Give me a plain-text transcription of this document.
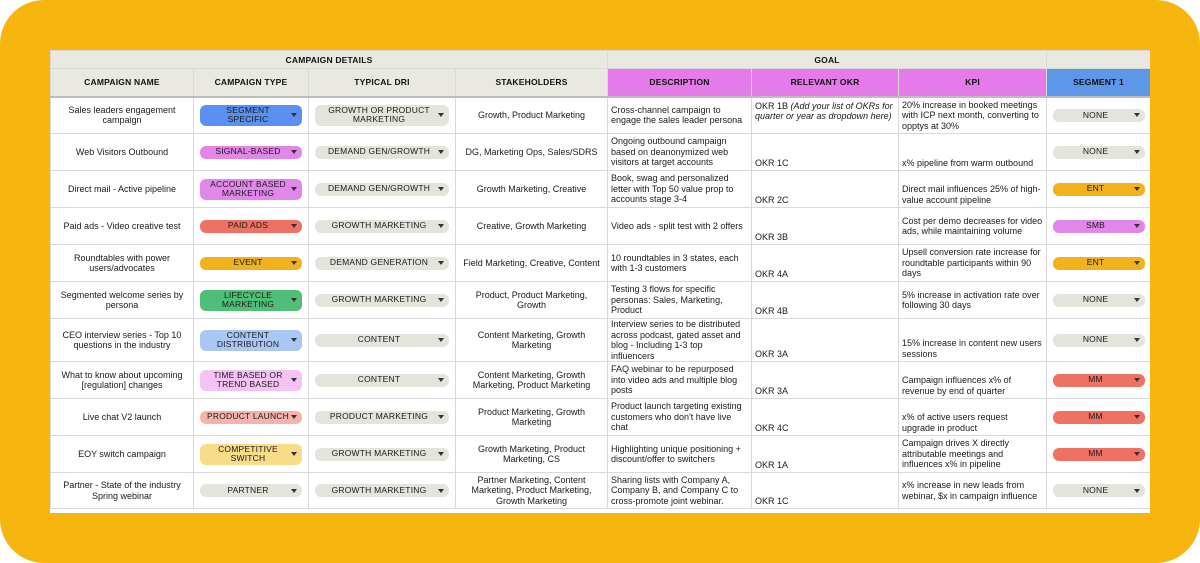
CAMPAIGN DETAILS				GOAL			
CAMPAIGN NAME	CAMPAIGN TYPE	TYPICAL DRI	STAKEHOLDERS	DESCRIPTION	RELEVANT OKR	KPI	SEGMENT 1
Sales leaders engagement campaign	SEGMENT SPECIFIC	GROWTH OR PRODUCT MARKETING	Growth, Product Marketing	Cross-channel campaign to engage the sales leader persona	OKR 1B (Add your list of OKRs for quarter or year as dropdown here)	20% increase in booked meetings with ICP next month, converting to opptys at 30%	NONE

Web Visitors Outbound	SIGNAL-BASED	DEMAND GEN/GROWTH	DG, Marketing Ops, Sales/SDRS	Ongoing outbound campaign based on deanonymized web visitors at target accounts	OKR 1C	x% pipeline from warm outbound	NONE

Direct mail - Active pipeline	ACCOUNT BASED MARKETING	DEMAND GEN/GROWTH	Growth Marketing, Creative	Book, swag and personalized letter with Top 50 value prop to accounts stage 3-4	OKR 2C	Direct mail influences 25% of high-value account pipeline	ENT

Paid ads - Video creative test	PAID ADS	GROWTH MARKETING	Creative, Growth Marketing	Video ads - split test with 2 offers	OKR 3B	Cost per demo decreases for video ads, while maintaining volume	SMB

Roundtables with power users/advocates	EVENT	DEMAND GENERATION	Field Marketing, Creative, Content	10 roundtables in 3 states, each with 1-3 customers	OKR 4A	Upsell conversion rate increase for roundtable participants within 90 days	ENT

Segmented welcome series by persona	LIFECYCLE MARKETING	GROWTH MARKETING	Product, Product Marketing, Growth	Testing 3 flows for specific personas: Sales, Marketing, Product	OKR 4B	5% increase in activation rate over following 30 days	NONE

CEO interview series - Top 10 questions in the industry	CONTENT DISTRIBUTION	CONTENT	Content Marketing, Growth Marketing	Interview series to be distributed across podcast, gated asset and blog - Including 1-3 top influencers	OKR 3A	15% increase in content new users sessions	NONE

What to know about upcoming [regulation] changes	TIME BASED OR TREND BASED	CONTENT	Content Marketing, Growth Marketing, Product Marketing	FAQ webinar to be repurposed into video ads and multiple blog posts	OKR 3A	Campaign influences x% of revenue by end of quarter	MM

Live chat V2 launch	PRODUCT LAUNCH	PRODUCT MARKETING	Product Marketing, Growth Marketing	Product launch targeting existing customers who don't have live chat	OKR 4C	x% of active users request upgrade in product	MM

EOY switch campaign	COMPETITIVE SWITCH	GROWTH MARKETING	Growth Marketing, Product Marketing, CS	Highlighting unique positioning + discount/offer to switchers	OKR 1A	Campaign drives X directly attributable meetings and influences x% in pipeline	MM

Partner - State of the industry Spring webinar	PARTNER	GROWTH MARKETING	Partner Marketing, Content Marketing, Product Marketing, Growth Marketing	Sharing lists with Company A, Company B, and Company C to cross-promote joint webinar.	OKR 1C	x% increase in new leads from webinar, $x in campaign influence	NONE
